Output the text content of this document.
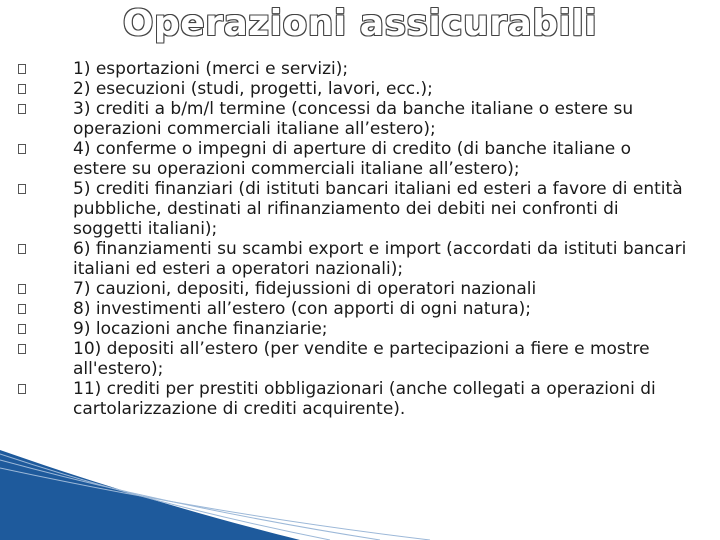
Operazioni assicurabili
1) esportazioni (merci e servizi);
2) esecuzioni (studi, progetti, lavori, ecc.);
3) crediti a b/m/l termine (concessi da banche italiane o estere su operazioni commerciali italiane all’estero);
4) conferme o impegni di aperture di credito (di banche italiane o estere su operazioni commerciali italiane all’estero);
5) crediti finanziari (di istituti bancari italiani ed esteri a favore di entità pubbliche, destinati al rifinanziamento dei debiti nei confronti di soggetti italiani);
6) finanziamenti su scambi export e import (accordati da istituti bancari italiani ed esteri a operatori nazionali);
7) cauzioni, depositi, fidejussioni di operatori nazionali
8) investimenti all’estero (con apporti di ogni natura);
9) locazioni anche finanziarie;
10) depositi all’estero (per vendite e partecipazioni a fiere e mostre all'estero);
11) crediti per prestiti obbligazionari (anche collegati a operazioni di cartolarizzazione di crediti acquirente).
